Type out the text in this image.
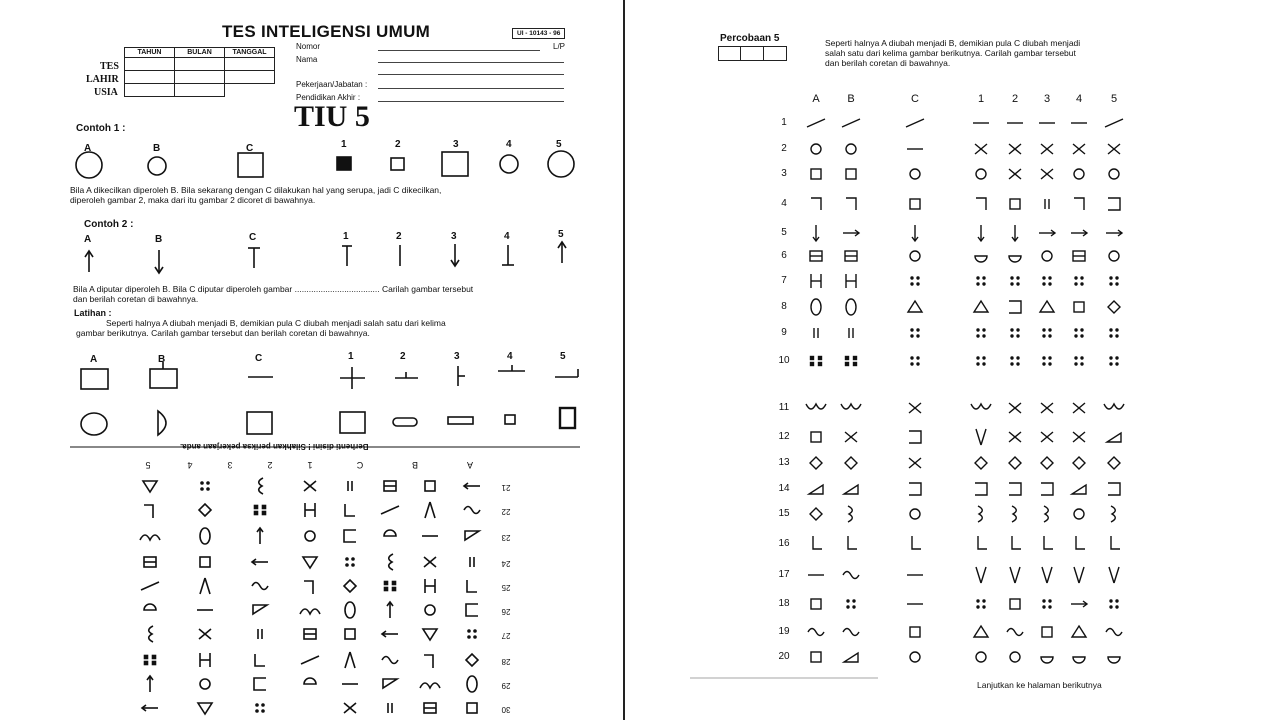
TES INTELIGENSI UMUM	UI - 10143 - 96
TAHUN	BULAN	TANGGAL

TES
LAHIR
USIA
Nomor	L/P
Nama
Pekerjaan/Jabatan :
Pendidikan Akhir :
TIU 5
Contoh 1 :
A	B	C	1	2	3	4	5
Contoh 2 :
A	B	C	1	2	3	4	5
Bila A dikecilkan diperoleh B. Bila sekarang dengan C dilakukan hal yang serupa, jadi C dikecilkan, diperoleh gambar 2, maka dari itu gambar 2 dicoret di bawahnya.
Bila A diputar diperoleh B. Bila C diputar diperoleh gambar .................................... Carilah gambar tersebut dan berilah coretan di bawahnya.
Latihan :
Seperti halnya A diubah menjadi B, demikian pula C diubah menjadi salah satu dari kelima gambar berikutnya. Carilah gambar tersebut dan berilah coretan di bawahnya.
A	B	C	1	2	3	4	5
Berhenti disini ! Silahkan periksa pekerjaan anda.
30
29
28
27
26
25
24
23
22
21
5	4	3	2	1	C	B	A
Percobaan 5	Seperti halnya A diubah menjadi B, demikian pula C diubah menjadi salah satu dari kelima gambar berikutnya. Carilah gambar tersebut dan berilah coretan di bawahnya.
A	B	C	1	2	3	4	5
1
2
3
4
5
6
7
8
9
10
11
12
13
14
15
16
17
18
19
20
Lanjutkan ke halaman berikutnya
